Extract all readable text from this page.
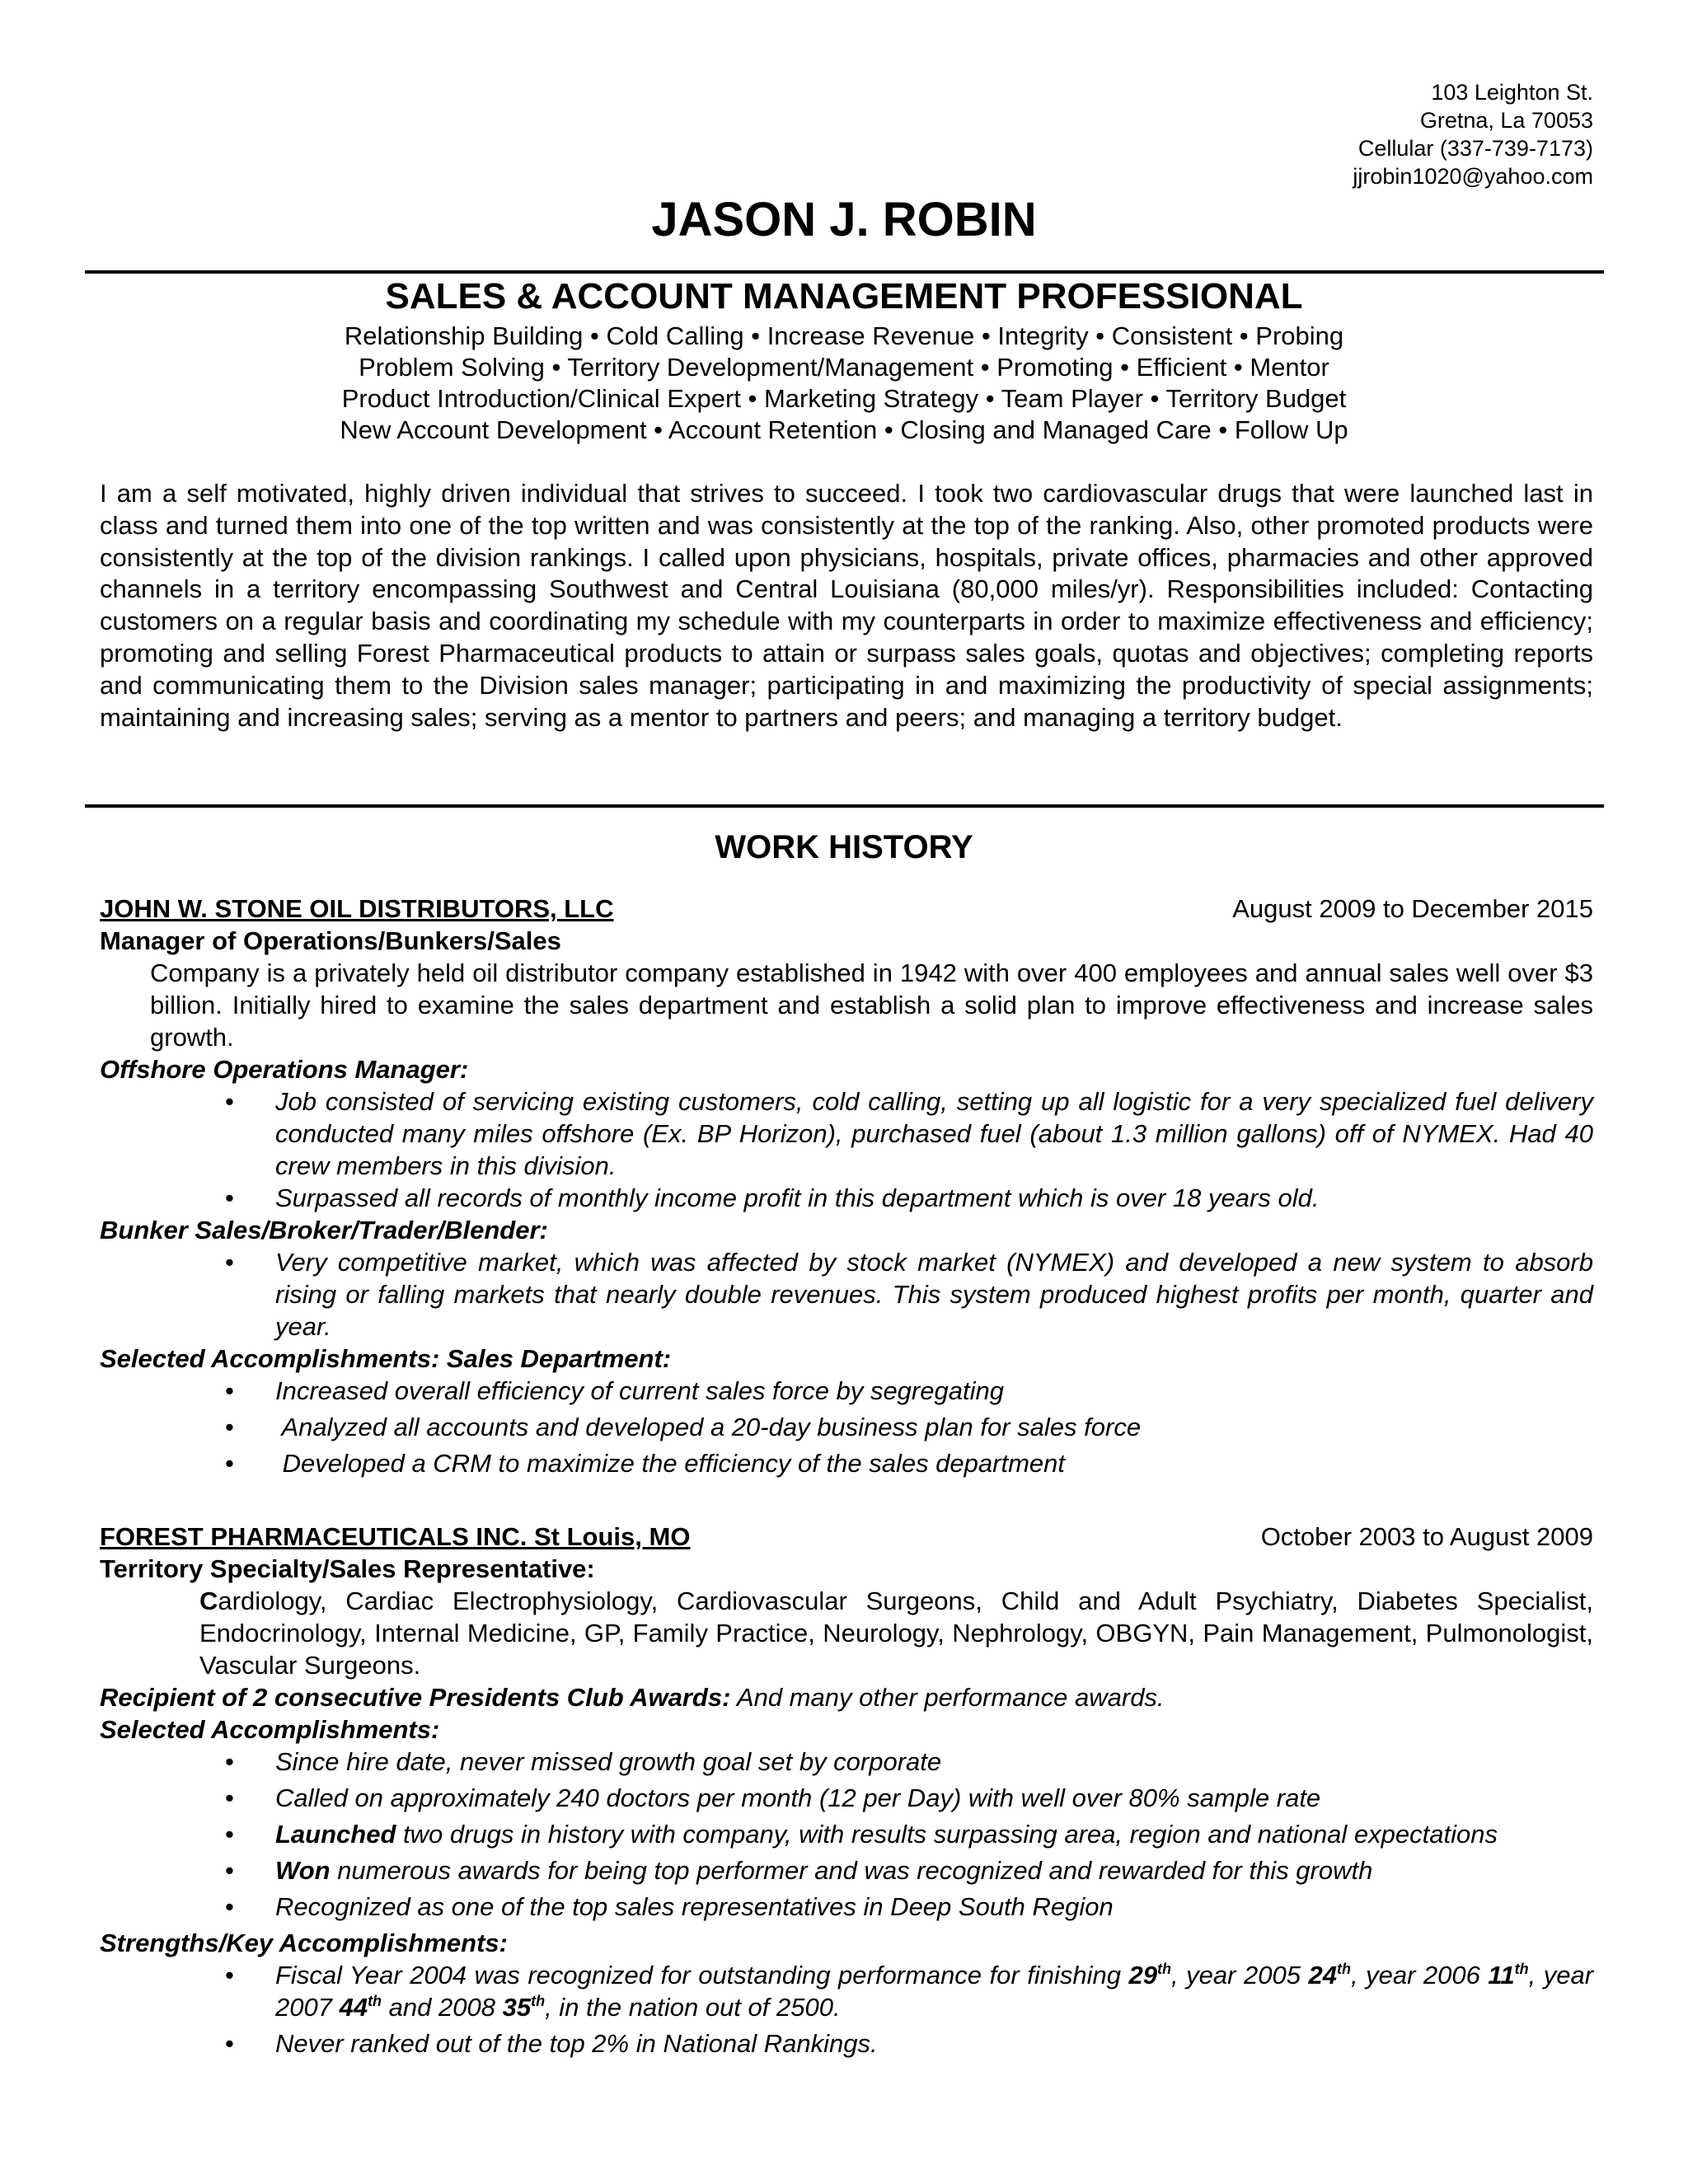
103 Leighton St.
Gretna, La 70053
Cellular (337-739-7173)
jjrobin1020@yahoo.com
JASON J. ROBIN
SALES & ACCOUNT MANAGEMENT PROFESSIONAL
Relationship Building • Cold Calling • Increase Revenue • Integrity • Consistent • Probing
Problem Solving • Territory Development/Management • Promoting • Efficient • Mentor
Product Introduction/Clinical Expert • Marketing Strategy • Team Player • Territory Budget
New Account Development • Account Retention • Closing and Managed Care • Follow Up
I am a self motivated, highly driven individual that strives to succeed. I took two cardiovascular drugs that were launched last in class and turned them into one of the top written and was consistently at the top of the ranking. Also, other promoted products were consistently at the top of the division rankings. I called upon physicians, hospitals, private offices, pharmacies and other approved channels in a territory encompassing Southwest and Central Louisiana (80,000 miles/yr). Responsibilities included: Contacting customers on a regular basis and coordinating my schedule with my counterparts in order to maximize effectiveness and efficiency; promoting and selling Forest Pharmaceutical products to attain or surpass sales goals, quotas and objectives; completing reports and communicating them to the Division sales manager; participating in and maximizing the productivity of special assignments; maintaining and increasing sales; serving as a mentor to partners and peers; and managing a territory budget.
WORK HISTORY
JOHN W. STONE OIL DISTRIBUTORS, LLC	August 2009 to December 2015
Manager of Operations/Bunkers/Sales
Company is a privately held oil distributor company established in 1942 with over 400 employees and annual sales well over $3 billion. Initially hired to examine the sales department and establish a solid plan to improve effectiveness and increase sales growth.
Offshore Operations Manager:
• Job consisted of servicing existing customers, cold calling, setting up all logistic for a very specialized fuel delivery conducted many miles offshore (Ex. BP Horizon), purchased fuel (about 1.3 million gallons) off of NYMEX. Had 40 crew members in this division.
• Surpassed all records of monthly income profit in this department which is over 18 years old.
Bunker Sales/Broker/Trader/Blender:
• Very competitive market, which was affected by stock market (NYMEX) and developed a new system to absorb rising or falling markets that nearly double revenues. This system produced highest profits per month, quarter and year.
Selected Accomplishments: Sales Department:
• Increased overall efficiency of current sales force by segregating
• Analyzed all accounts and developed a 20-day business plan for sales force
• Developed a CRM to maximize the efficiency of the sales department
FOREST PHARMACEUTICALS INC. St Louis, MO	October 2003 to August 2009
Territory Specialty/Sales Representative:
Cardiology, Cardiac Electrophysiology, Cardiovascular Surgeons, Child and Adult Psychiatry, Diabetes Specialist, Endocrinology, Internal Medicine, GP, Family Practice, Neurology, Nephrology, OBGYN, Pain Management, Pulmonologist, Vascular Surgeons.
Recipient of 2 consecutive Presidents Club Awards: And many other performance awards.
Selected Accomplishments:
• Since hire date, never missed growth goal set by corporate
• Called on approximately 240 doctors per month (12 per Day) with well over 80% sample rate
• Launched two drugs in history with company, with results surpassing area, region and national expectations
• Won numerous awards for being top performer and was recognized and rewarded for this growth
• Recognized as one of the top sales representatives in Deep South Region
Strengths/Key Accomplishments:
• Fiscal Year 2004 was recognized for outstanding performance for finishing 29th, year 2005 24th, year 2006 11th, year 2007 44th and 2008 35th, in the nation out of 2500.
• Never ranked out of the top 2% in National Rankings.
